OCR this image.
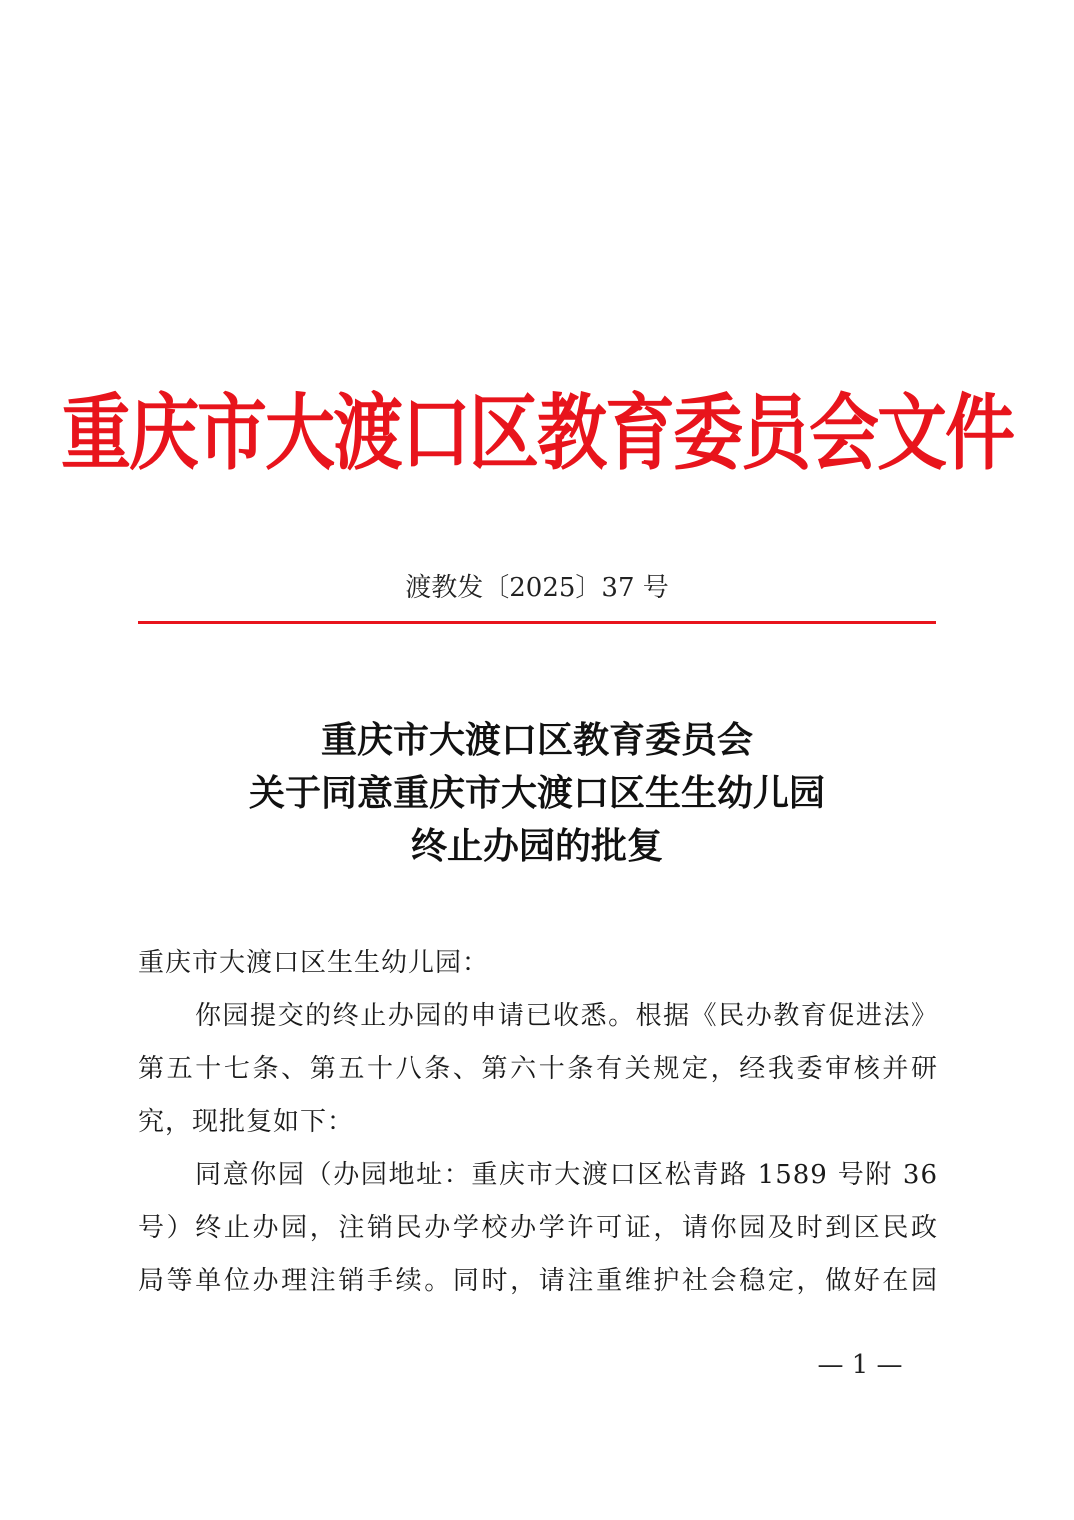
重庆市大渡口区教育委员会文件
渡教发〔2025〕37 号
重庆市大渡口区教育委员会
关于同意重庆市大渡口区生生幼儿园
终止办园的批复
重庆市大渡口区生生幼儿园：
你园提交的终止办园的申请已收悉。根据《民办教育促进法》
第五十七条、第五十八条、第六十条有关规定，经我委审核并研
究，现批复如下：
同意你园（办园地址：重庆市大渡口区松青路 1589 号附 36
号）终止办园，注销民办学校办学许可证，请你园及时到区民政
局等单位办理注销手续。同时，请注重维护社会稳定，做好在园
— 1 —
